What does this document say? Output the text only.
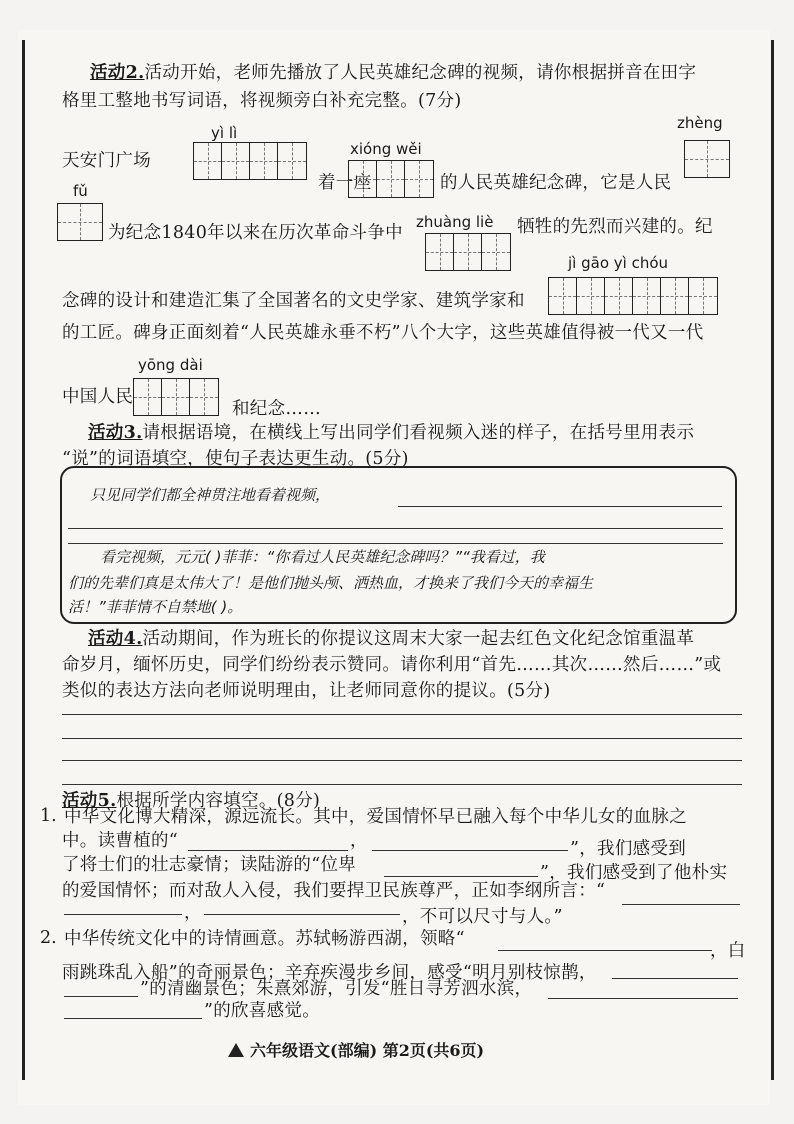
活动2.活动开始，老师先播放了人民英雄纪念碑的视频，请你根据拼音在田字
格里工整地书写词语，将视频旁白补充完整。(7分)
yì lì
zhèng
xióng wěi
天安门广场
着一座	的人民英雄纪念碑，它是人民
fǔ
zhuàng liè
为纪念1840年以来在历次革命斗争中	牺牲的先烈而兴建的。纪
jì gāo yì chóu
念碑的设计和建造汇集了全国著名的文史学家、建筑学家和
的工匠。碑身正面刻着“人民英雄永垂不朽”八个大字，这些英雄值得被一代又一代
yōng dài
中国人民
和纪念……
活动3.请根据语境，在横线上写出同学们看视频入迷的样子，在括号里用表示
“说”的词语填空，使句子表达更生动。(5分)
只见同学们都全神贯注地看着视频，
看完视频，元元( )菲菲：“你看过人民英雄纪念碑吗？”“我看过，我
们的先辈们真是太伟大了！是他们抛头颅、洒热血，才换来了我们今天的幸福生
活！”菲菲情不自禁地( )。
活动4.活动期间，作为班长的你提议这周末大家一起去红色文化纪念馆重温革
命岁月，缅怀历史，同学们纷纷表示赞同。请你利用“首先……其次……然后……”或
类似的表达方法向老师说明理由，让老师同意你的提议。(5分)
活动5.根据所学内容填空。(8分)
1. 中华文化博大精深，源远流长。其中，爱国情怀早已融入每个中华儿女的血脉之
中。读曹植的“	，	”，我们感受到
了将士们的壮志豪情；读陆游的“位卑	”，我们感受到了他朴实
的爱国情怀；而对敌人入侵，我们要捍卫民族尊严，正如李纲所言：“
，	，不可以尺寸与人。”
2. 中华传统文化中的诗情画意。苏轼畅游西湖，领略“
，白
雨跳珠乱入船”的奇丽景色；辛弃疾漫步乡间，感受“明月别枝惊鹊，
”的清幽景色；朱熹郊游，引发“胜日寻芳泗水滨，
”的欣喜感觉。
六年级语文(部编) 第2页(共6页)
